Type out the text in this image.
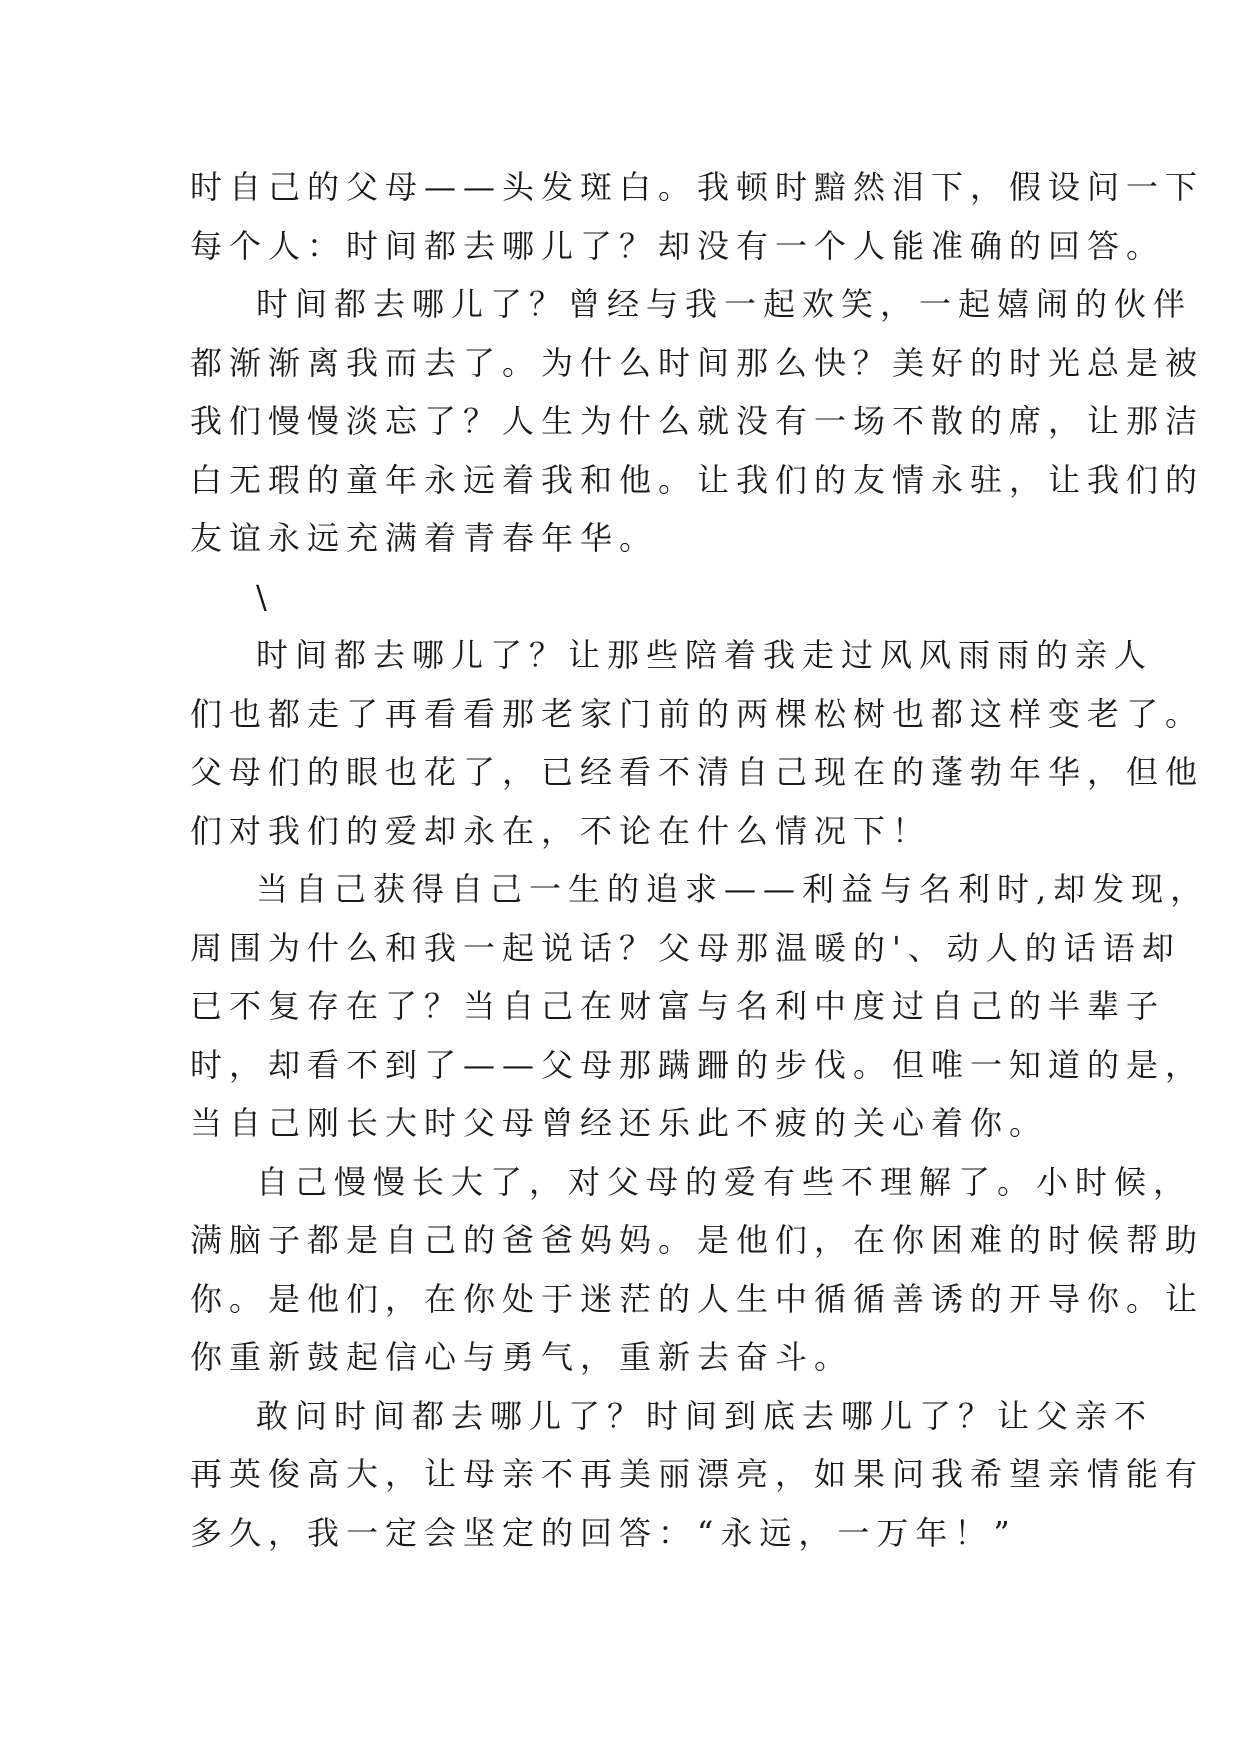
时自己的父母——头发斑白。我顿时黯然泪下，假设问一下
每个人：时间都去哪儿了？却没有一个人能准确的回答。
时间都去哪儿了？曾经与我一起欢笑，一起嬉闹的伙伴
都渐渐离我而去了。为什么时间那么快？美好的时光总是被
我们慢慢淡忘了？人生为什么就没有一场不散的席，让那洁
白无瑕的童年永远着我和他。让我们的友情永驻，让我们的
友谊永远充满着青春年华。
\
时间都去哪儿了？让那些陪着我走过风风雨雨的亲人
们也都走了再看看那老家门前的两棵松树也都这样变老了。
父母们的眼也花了，已经看不清自己现在的蓬勃年华，但他
们对我们的爱却永在，不论在什么情况下！
当自己获得自己一生的追求——利益与名利时,却发现，
周围为什么和我一起说话？父母那温暖的'、动人的话语却
已不复存在了？当自己在财富与名利中度过自己的半辈子
时，却看不到了——父母那蹒跚的步伐。但唯一知道的是，
当自己刚长大时父母曾经还乐此不疲的关心着你。
自己慢慢长大了，对父母的爱有些不理解了。小时候，
满脑子都是自己的爸爸妈妈。是他们，在你困难的时候帮助
你。是他们，在你处于迷茫的人生中循循善诱的开导你。让
你重新鼓起信心与勇气，重新去奋斗。
敢问时间都去哪儿了？时间到底去哪儿了？让父亲不
再英俊高大，让母亲不再美丽漂亮，如果问我希望亲情能有
多久，我一定会坚定的回答：“永远，一万年！”
